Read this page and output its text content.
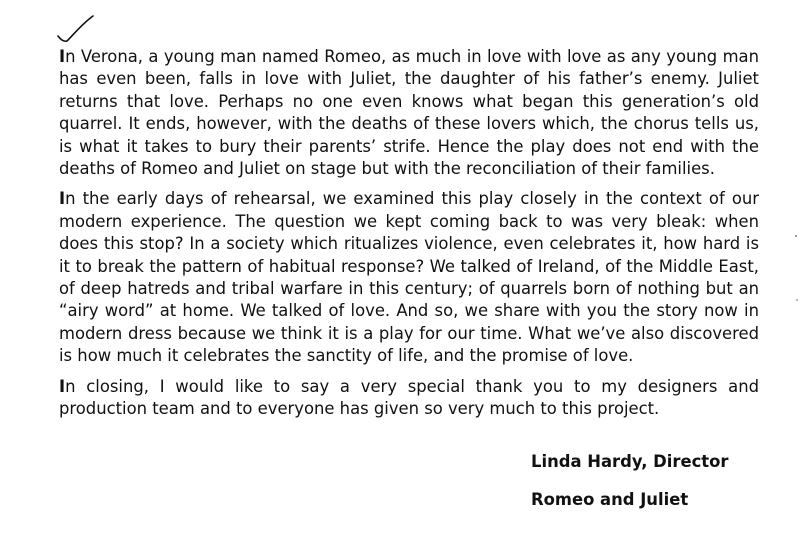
In Verona, a young man named Romeo, as much in love with love as any young man has even been, falls in love with Juliet, the daughter of his father’s enemy. Juliet returns that love. Perhaps no one even knows what began this generation’s old quarrel. It ends, however, with the deaths of these lovers which, the chorus tells us, is what it takes to bury their parents’ strife. Hence the play does not end with the deaths of Romeo and Juliet on stage but with the reconciliation of their families.

In the early days of rehearsal, we examined this play closely in the context of our modern experience. The question we kept coming back to was very bleak: when does this stop? In a society which ritualizes violence, even celebrates it, how hard is it to break the pattern of habitual response? We talked of Ireland, of the Middle East, of deep hatreds and tribal warfare in this century; of quarrels born of nothing but an “airy word” at home. We talked of love. And so, we share with you the story now in modern dress because we think it is a play for our time. What we’ve also discovered is how much it celebrates the sanctity of life, and the promise of love.

In closing, I would like to say a very special thank you to my designers and production team and to everyone has given so very much to this project.

Linda Hardy, Director
Romeo and Juliet
